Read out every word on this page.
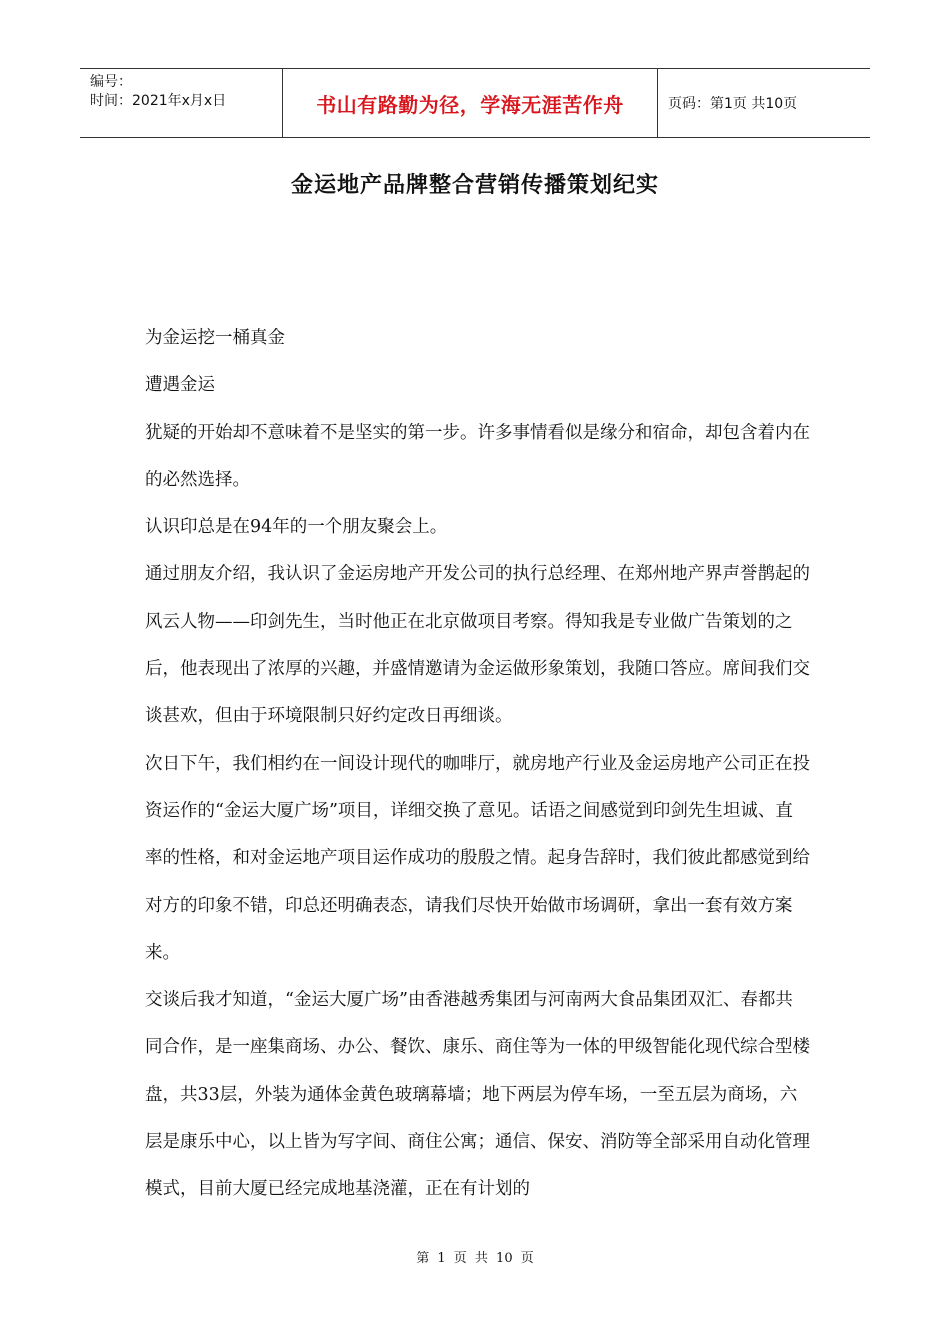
编号：
时间：2021年x月x日	书山有路勤为径，学海无涯苦作舟	页码：第1页 共10页
金运地产品牌整合营销传播策划纪实

为金运挖一桶真金

遭遇金运

犹疑的开始却不意味着不是坚实的第一步。许多事情看似是缘分和宿命，却包含着内在的必然选择。

认识印总是在94年的一个朋友聚会上。

通过朋友介绍，我认识了金运房地产开发公司的执行总经理、在郑州地产界声誉鹊起的风云人物——印剑先生，当时他正在北京做项目考察。得知我是专业做广告策划的之后，他表现出了浓厚的兴趣，并盛情邀请为金运做形象策划，我随口答应。席间我们交谈甚欢，但由于环境限制只好约定改日再细谈。

次日下午，我们相约在一间设计现代的咖啡厅，就房地产行业及金运房地产公司正在投资运作的“金运大厦广场”项目，详细交换了意见。话语之间感觉到印剑先生坦诚、直率的性格，和对金运地产项目运作成功的殷殷之情。起身告辞时，我们彼此都感觉到给对方的印象不错，印总还明确表态，请我们尽快开始做市场调研，拿出一套有效方案来。

交谈后我才知道，“金运大厦广场”由香港越秀集团与河南两大食品集团双汇、春都共同合作，是一座集商场、办公、餐饮、康乐、商住等为一体的甲级智能化现代综合型楼盘，共33层，外装为通体金黄色玻璃幕墙；地下两层为停车场，一至五层为商场，六层是康乐中心，以上皆为写字间、商住公寓；通信、保安、消防等全部采用自动化管理模式，目前大厦已经完成地基浇灌，正在有计划的

第 1 页 共 10 页
